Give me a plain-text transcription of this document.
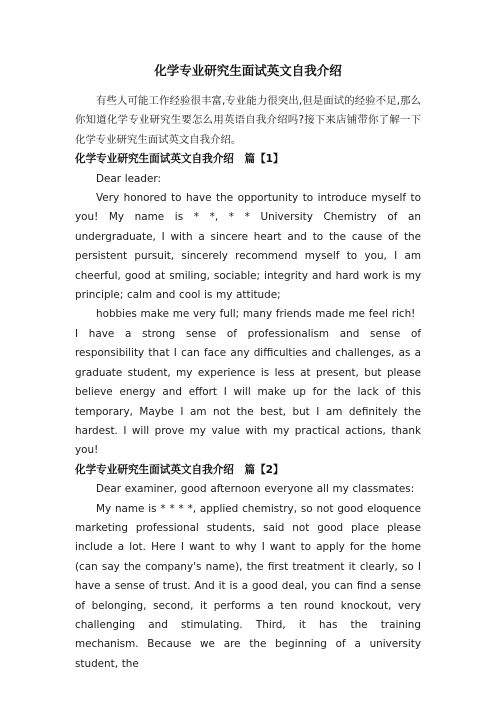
化学专业研究生面试英文自我介绍

有些人可能工作经验很丰富,专业能力很突出,但是面试的经验不足,那么你知道化学专业研究生要怎么用英语自我介绍吗?接下来店铺带你了解一下化学专业研究生面试英文自我介绍。

化学专业研究生面试英文自我介绍　篇【1】

Dear leader:

Very honored to have the opportunity to introduce myself to you! My name is * *, * * University Chemistry of an undergraduate, I with a sincere heart and to the cause of the persistent pursuit, sincerely recommend myself to you, I am cheerful, good at smiling, sociable; integrity and hard work is my principle; calm and cool is my attitude;

hobbies make me very full; many friends made me feel rich!

I have a strong sense of professionalism and sense of responsibility that I can face any difficulties and challenges, as a graduate student, my experience is less at present, but please believe energy and effort I will make up for the lack of this temporary, Maybe I am not the best, but I am definitely the hardest. I will prove my value with my practical actions, thank you!

化学专业研究生面试英文自我介绍　篇【2】

Dear examiner, good afternoon everyone all my classmates:

My name is * * * *, applied chemistry, so not good eloquence marketing professional students, said not good place please include a lot. Here I want to why I want to apply for the home (can say the company's name), the first treatment it clearly, so I have a sense of trust. And it is a good deal, you can find a sense of belonging, second, it performs a ten round knockout, very challenging and stimulating. Third, it has the training mechanism. Because we are the beginning of a university student, the
